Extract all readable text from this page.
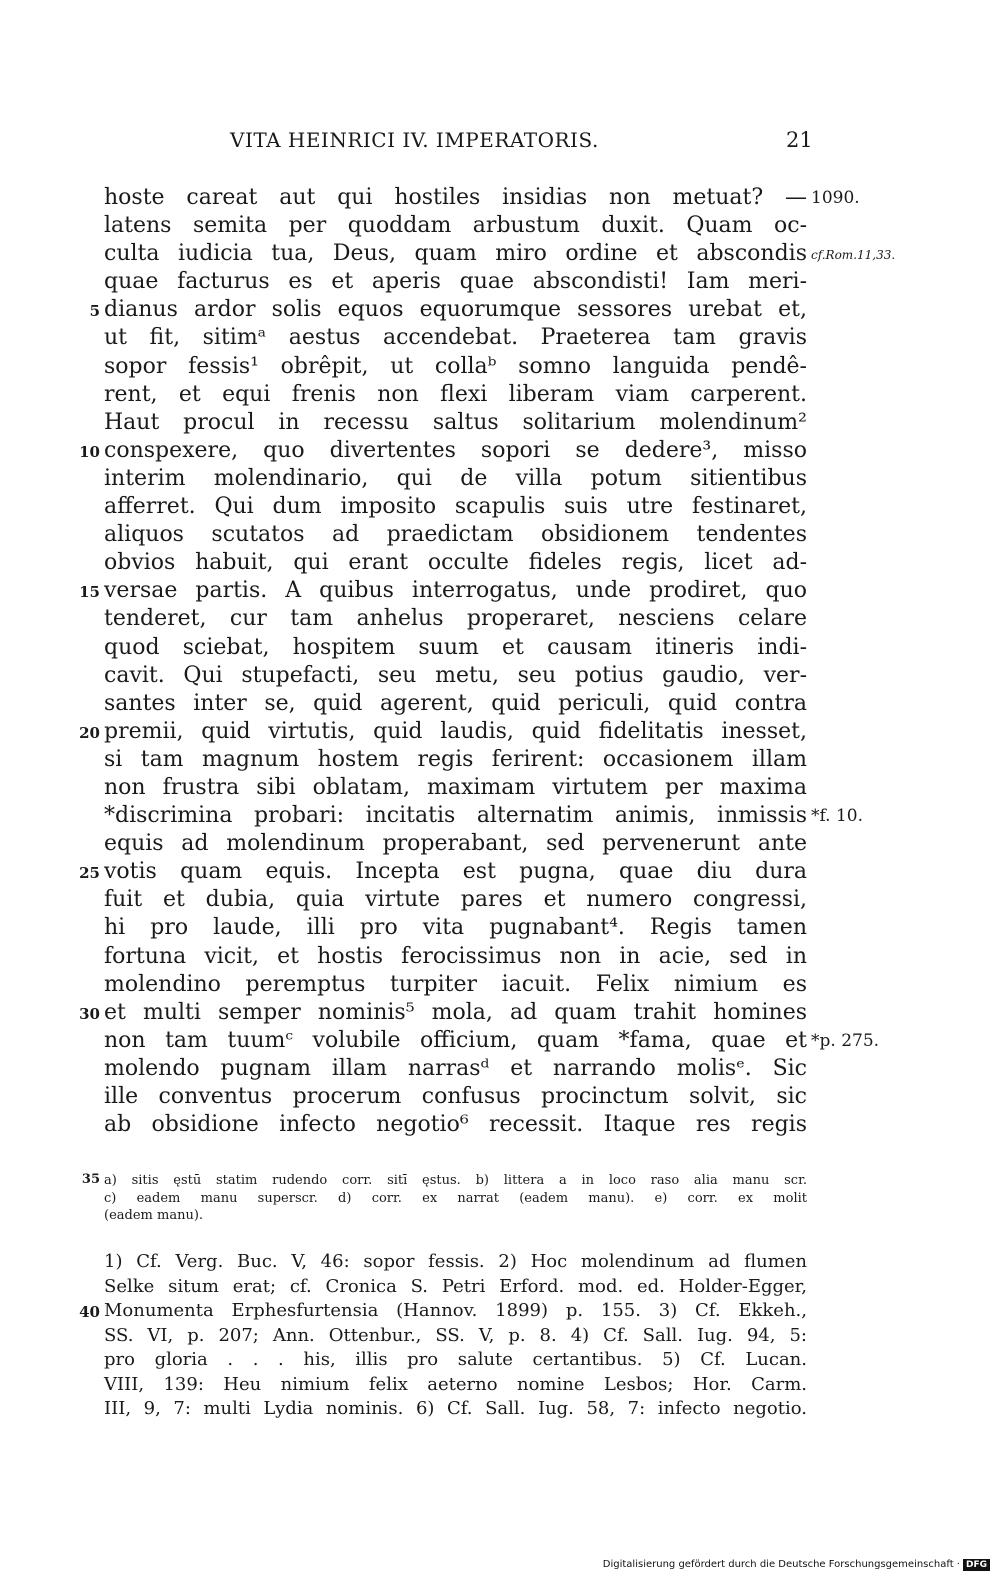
VITA HEINRICI IV. IMPERATORIS.	21
hoste careat aut qui hostiles insidias non metuat? — 1090.
latens semita per quoddam arbustum duxit. Quam oc-
culta iudicia tua, Deus, quam miro ordine et abscondis cf.Rom.11,33.
quae facturus es et aperis quae abscondisti! Iam meri-
5 dianus ardor solis equos equorumque sessores urebat et,
ut fit, sitimᵃ aestus accendebat. Praeterea tam gravis
sopor fessis¹ obrêpit, ut collaᵇ somno languida pendê-
rent, et equi frenis non flexi liberam viam carperent.
Haut procul in recessu saltus solitarium molendinum²
10 conspexere, quo divertentes sopori se dedere³, misso
interim molendinario, qui de villa potum sitientibus
afferret. Qui dum imposito scapulis suis utre festinaret,
aliquos scutatos ad praedictam obsidionem tendentes
obvios habuit, qui erant occulte fideles regis, licet ad-
15 versae partis. A quibus interrogatus, unde prodiret, quo
tenderet, cur tam anhelus properaret, nesciens celare
quod sciebat, hospitem suum et causam itineris indi-
cavit. Qui stupefacti, seu metu, seu potius gaudio, ver-
santes inter se, quid agerent, quid periculi, quid contra
20 premii, quid virtutis, quid laudis, quid fidelitatis inesset,
si tam magnum hostem regis ferirent: occasionem illam
non frustra sibi oblatam, maximam virtutem per maxima
*discrimina probari: incitatis alternatim animis, inmissis *f. 10.
equis ad molendinum properabant, sed pervenerunt ante
25 votis quam equis. Incepta est pugna, quae diu dura
fuit et dubia, quia virtute pares et numero congressi,
hi pro laude, illi pro vita pugnabant⁴. Regis tamen
fortuna vicit, et hostis ferocissimus non in acie, sed in
molendino peremptus turpiter iacuit. Felix nimium es
30 et multi semper nominis⁵ mola, ad quam trahit homines
non tam tuumᶜ volubile officium, quam *fama, quae et *p. 275.
molendo pugnam illam narrasᵈ et narrando molisᵉ. Sic
ille conventus procerum confusus procinctum solvit, sic
ab obsidione infecto negotio⁶ recessit. Itaque res regis
35 a) sitis ęstū statim rudendo corr. sitī ęstus. b) littera a in loco raso alia manu scr.
c) eadem manu superscr. d) corr. ex narrat (eadem manu). e) corr. ex molit
(eadem manu).
1) Cf. Verg. Buc. V, 46: sopor fessis. 2) Hoc molendinum ad flumen
Selke situm erat; cf. Cronica S. Petri Erford. mod. ed. Holder-Egger,
40 Monumenta Erphesfurtensia (Hannov. 1899) p. 155. 3) Cf. Ekkeh.,
SS. VI, p. 207; Ann. Ottenbur., SS. V, p. 8. 4) Cf. Sall. Iug. 94, 5:
pro gloria . . . his, illis pro salute certantibus. 5) Cf. Lucan.
VIII, 139: Heu nimium felix aeterno nomine Lesbos; Hor. Carm.
III, 9, 7: multi Lydia nominis. 6) Cf. Sall. Iug. 58, 7: infecto negotio.
Digitalisierung gefördert durch die Deutsche Forschungsgemeinschaft · DFG
